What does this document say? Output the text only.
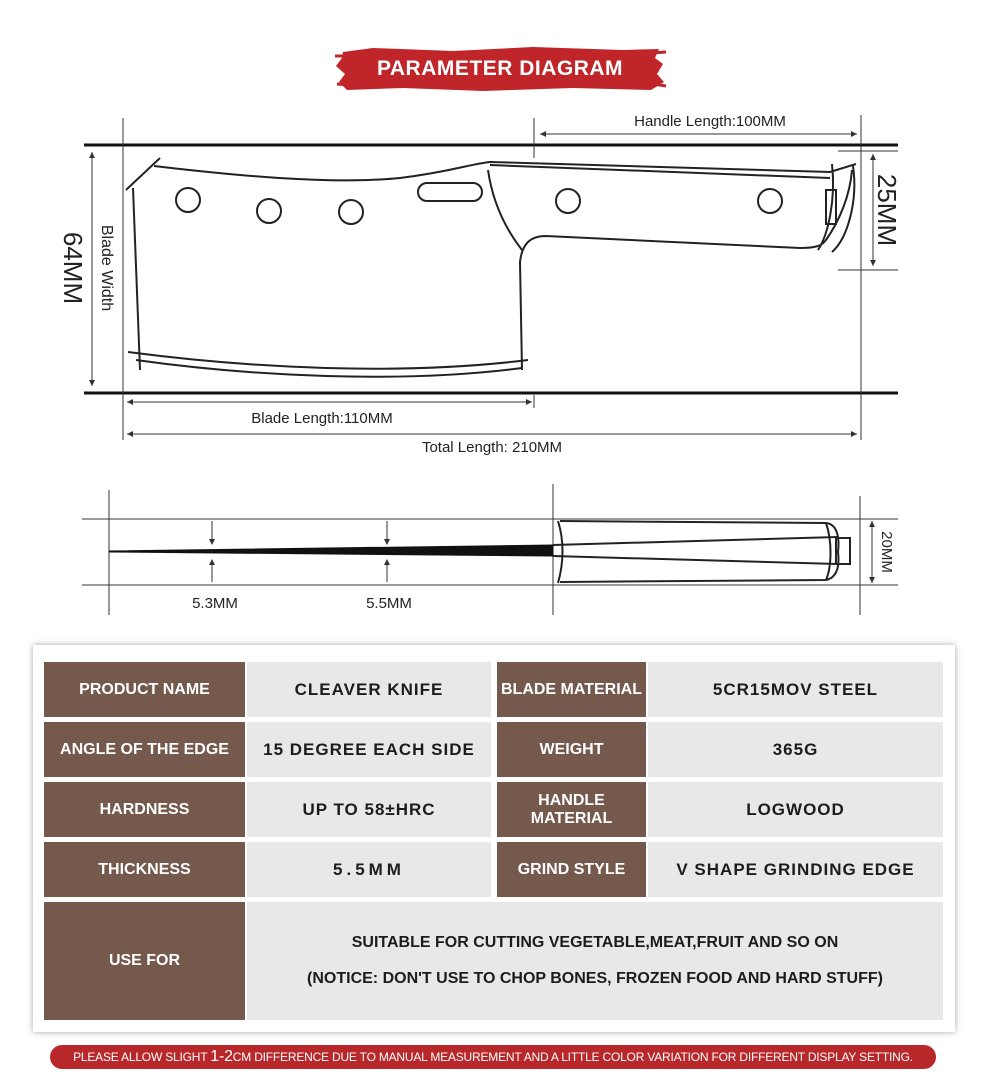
PARAMETER DIAGRAM
Handle Length:100MM
25MM
64MM Blade Width
Blade Length:110MM
Total Length: 210MM
5.3MM	5.5MM
20MM
PRODUCT NAME	CLEAVER KNIFE	BLADE MATERIAL	5CR15MOV STEEL
ANGLE OF THE EDGE	15 DEGREE EACH SIDE	WEIGHT	365G
HARDNESS	UP TO 58±HRC	HANDLE MATERIAL	LOGWOOD
THICKNESS	5.5MM	GRIND STYLE	V SHAPE GRINDING EDGE
USE FOR
SUITABLE FOR CUTTING VEGETABLE,MEAT,FRUIT AND SO ON
(NOTICE: DON'T USE TO CHOP BONES, FROZEN FOOD AND HARD STUFF)
PLEASE ALLOW SLIGHT 1-2CM DIFFERENCE DUE TO MANUAL MEASUREMENT AND A LITTLE COLOR VARIATION FOR DIFFERENT DISPLAY SETTING.
